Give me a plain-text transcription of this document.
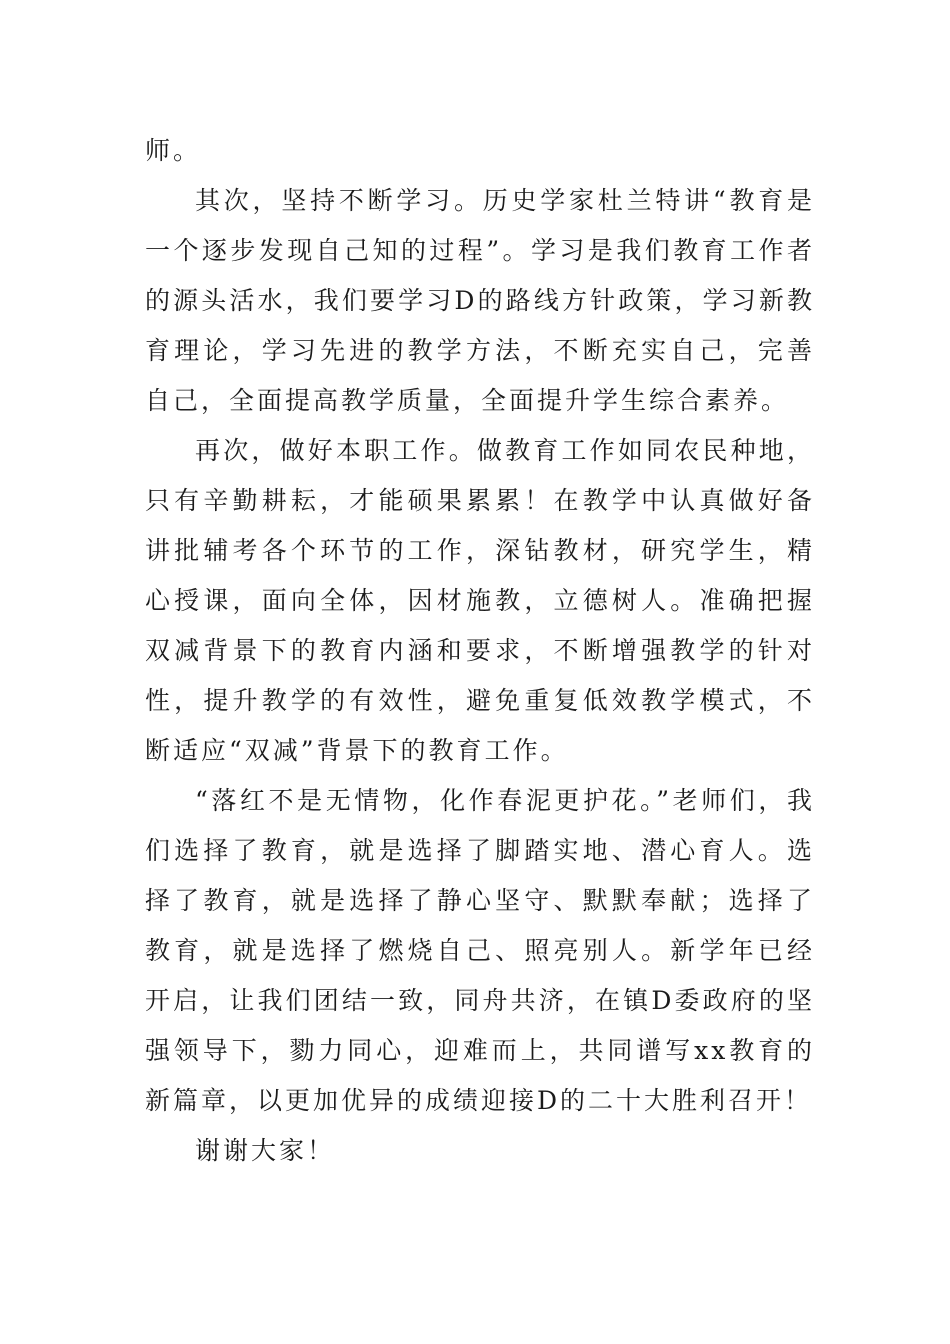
师。

其次，坚持不断学习。历史学家杜兰特讲“教育是一个逐步发现自己知的过程”。学习是我们教育工作者的源头活水，我们要学习D的路线方针政策，学习新教育理论，学习先进的教学方法，不断充实自己，完善自己，全面提高教学质量，全面提升学生综合素养。

再次，做好本职工作。做教育工作如同农民种地，只有辛勤耕耘，才能硕果累累！在教学中认真做好备讲批辅考各个环节的工作，深钻教材，研究学生，精心授课，面向全体，因材施教，立德树人。准确把握双减背景下的教育内涵和要求，不断增强教学的针对性，提升教学的有效性，避免重复低效教学模式，不断适应“双减”背景下的教育工作。

“落红不是无情物，化作春泥更护花。”老师们，我们选择了教育，就是选择了脚踏实地、潜心育人。选择了教育，就是选择了静心坚守、默默奉献；选择了教育，就是选择了燃烧自己、照亮别人。新学年已经开启，让我们团结一致，同舟共济，在镇D委政府的坚强领导下，勠力同心，迎难而上，共同谱写xx教育的新篇章，以更加优异的成绩迎接D的二十大胜利召开！

谢谢大家！
